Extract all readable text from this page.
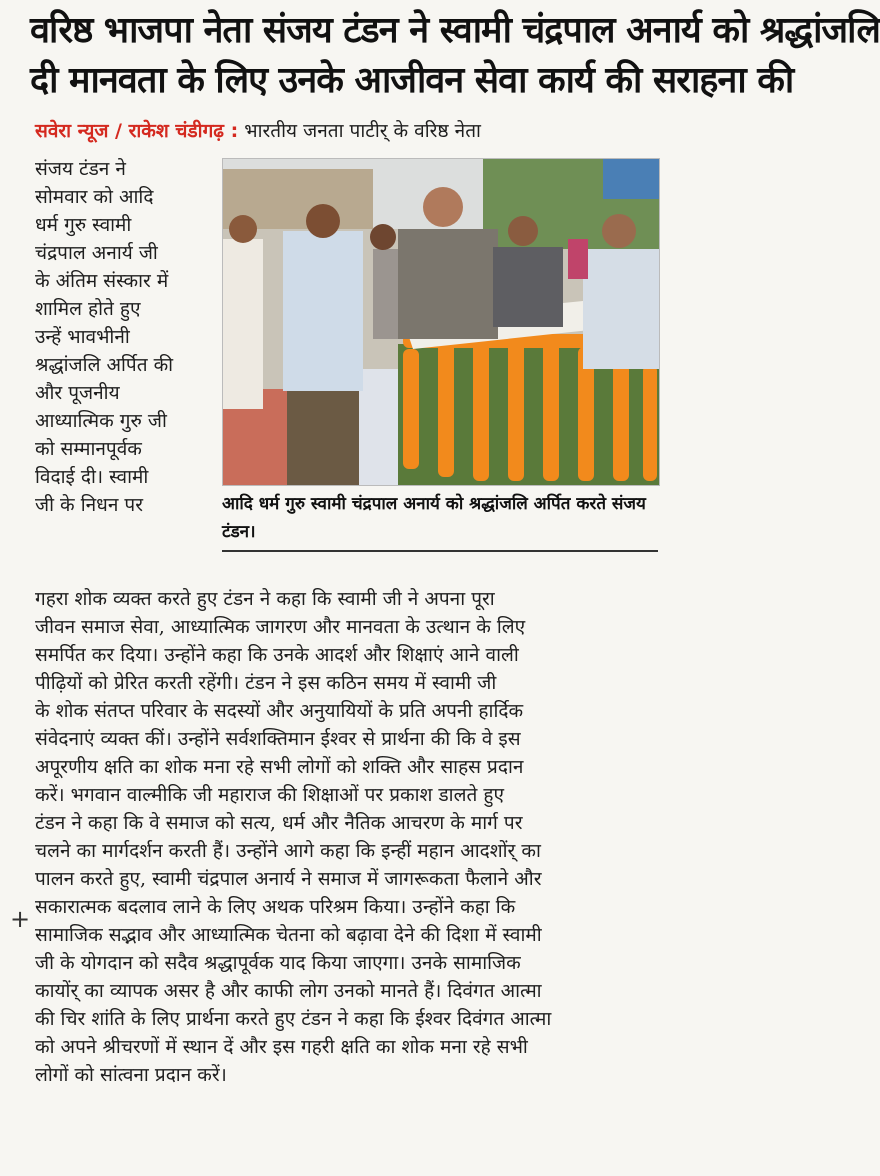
वरिष्ठ भाजपा नेता संजय टंडन ने स्वामी चंद्रपाल अनार्य को श्रद्धांजलि
दी मानवता के लिए उनके आजीवन सेवा कार्य की सराहना की
सवेरा न्यूज / राकेश चंडीगढ़ : भारतीय जनता पाटीर् के वरिष्ठ नेता
संजय टंडन ने
सोमवार को आदि
धर्म गुरु स्वामी
चंद्रपाल अनार्य जी
के अंतिम संस्कार में
शामिल होते हुए
उन्हें भावभीनी
श्रद्धांजलि अर्पित की
और पूजनीय
आध्यात्मिक गुरु जी
को सम्मानपूर्वक
विदाई दी। स्वामी
जी के निधन पर	आदि धर्म गुरु स्वामी चंद्रपाल अनार्य को श्रद्धांजलि अर्पित करते संजय टंडन।
गहरा शोक व्यक्त करते हुए टंडन ने कहा कि स्वामी जी ने अपना पूरा
जीवन समाज सेवा, आध्यात्मिक जागरण और मानवता के उत्थान के लिए
समर्पित कर दिया। उन्होंने कहा कि उनके आदर्श और शिक्षाएं आने वाली
पीढ़ियों को प्रेरित करती रहेंगी। टंडन ने इस कठिन समय में स्वामी जी
के शोक संतप्त परिवार के सदस्यों और अनुयायियों के प्रति अपनी हार्दिक
संवेदनाएं व्यक्त कीं। उन्होंने सर्वशक्तिमान ईश्वर से प्रार्थना की कि वे इस
अपूरणीय क्षति का शोक मना रहे सभी लोगों को शक्ति और साहस प्रदान
करें। भगवान वाल्मीकि जी महाराज की शिक्षाओं पर प्रकाश डालते हुए
टंडन ने कहा कि वे समाज को सत्य, धर्म और नैतिक आचरण के मार्ग पर
चलने का मार्गदर्शन करती हैं। उन्होंने आगे कहा कि इन्हीं महान आदशोंर् का
पालन करते हुए, स्वामी चंद्रपाल अनार्य ने समाज में जागरूकता फैलाने और
सकारात्मक बदलाव लाने के लिए अथक परिश्रम किया। उन्होंने कहा कि
सामाजिक सद्भाव और आध्यात्मिक चेतना को बढ़ावा देने की दिशा में स्वामी
जी के योगदान को सदैव श्रद्धापूर्वक याद किया जाएगा। उनके सामाजिक
कायोंर् का व्यापक असर है और काफी लोग उनको मानते हैं। दिवंगत आत्मा
की चिर शांति के लिए प्रार्थना करते हुए टंडन ने कहा कि ईश्वर दिवंगत आत्मा
को अपने श्रीचरणों में स्थान दें और इस गहरी क्षति का शोक मना रहे सभी
लोगों को सांत्वना प्रदान करें।
+
